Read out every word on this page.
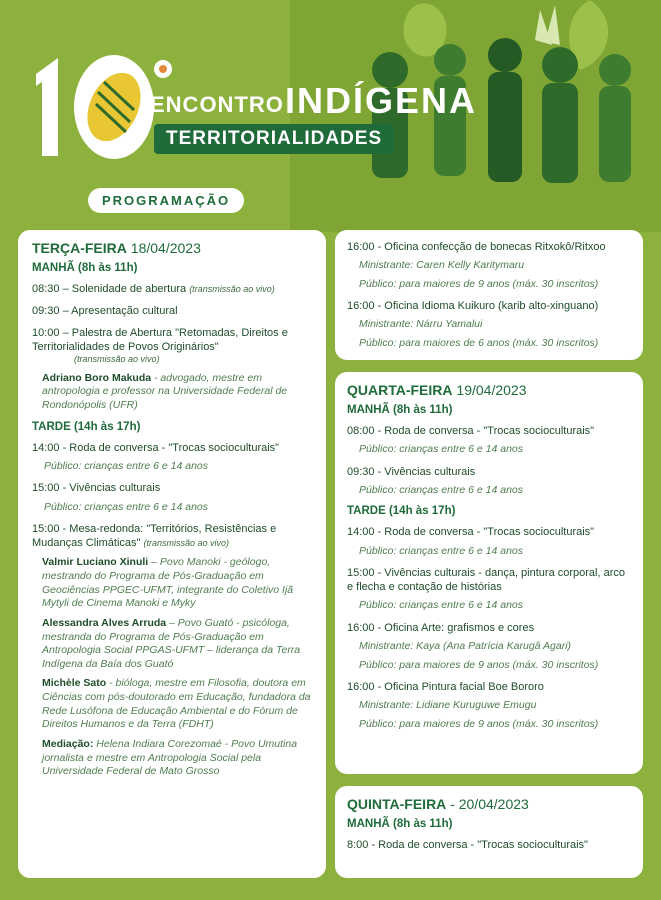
ENCONTRO INDÍGENA
TERRITORIALIDADES
PROGRAMAÇÃO
TERÇA-FEIRA 18/04/2023
MANHÃ (8h às 11h)
08:30 – Solenidade de abertura (transmissão ao vivo)
09:30 – Apresentação cultural
10:00 – Palestra de Abertura "Retomadas, Direitos e Territorialidades de Povos Originários"
(transmissão ao vivo)
Adriano Boro Makuda - advogado, mestre em antropologia e professor na Universidade Federal de Rondonópolis (UFR)
TARDE (14h às 17h)
14:00 - Roda de conversa - "Trocas socioculturais"
Público: crianças entre 6 e 14 anos
15:00 - Vivências culturais
Público: crianças entre 6 e 14 anos
15:00 - Mesa-redonda: "Territórios, Resistências e Mudanças Climáticas" (transmissão ao vivo)
Valmir Luciano Xinuli – Povo Manoki - geólogo, mestrando do Programa de Pós-Graduação em Geociências PPGEC-UFMT, integrante do Coletivo Ijã Mytyli de Cinema Manoki e Myky
Alessandra Alves Arruda – Povo Guató - psicóloga, mestranda do Programa de Pós-Graduação em Antropologia Social PPGAS-UFMT – liderança da Terra Indígena da Baía dos Guató
Michèle Sato - bióloga, mestre em Filosofia, doutora em Ciências com pós-doutorado em Educação, fundadora da Rede Lusófona de Educação Ambiental e do Fórum de Direitos Humanos e da Terra (FDHT)
Mediação: Helena Indiara Corezomaé - Povo Umutina jornalista e mestre em Antropologia Social pela Universidade Federal de Mato Grosso
16:00 - Oficina confecção de bonecas Ritxokô/Ritxoo
Ministrante: Caren Kelly Karitymaru
Público: para maiores de 9 anos (máx. 30 inscritos)
16:00 - Oficina Idioma Kuikuro (karib alto-xinguano)
Ministrante: Nárru Yamalui
Público: para maiores de 6 anos (máx. 30 inscritos)
QUARTA-FEIRA 19/04/2023
MANHÃ (8h às 11h)
08:00 - Roda de conversa - "Trocas socioculturais"
Público: crianças entre 6 e 14 anos
09:30 - Vivências culturais
Público: crianças entre 6 e 14 anos
TARDE (14h às 17h)
14:00 - Roda de conversa - "Trocas socioculturais"
Público: crianças entre 6 e 14 anos
15:00 - Vivências culturais - dança, pintura corporal, arco e flecha e contação de histórias
Público: crianças entre 6 e 14 anos
16:00 - Oficina Arte: grafismos e cores
Ministrante: Kaya (Ana Patrícia Karugâ Agari)
Público: para maiores de 9 anos (máx. 30 inscritos)
16:00 - Oficina Pintura facial Boe Bororo
Ministrante: Lidiane Kuruguwe Emugu
Público: para maiores de 9 anos (máx. 30 inscritos)
QUINTA-FEIRA - 20/04/2023
MANHÃ (8h às 11h)
8:00 - Roda de conversa - "Trocas socioculturais"
